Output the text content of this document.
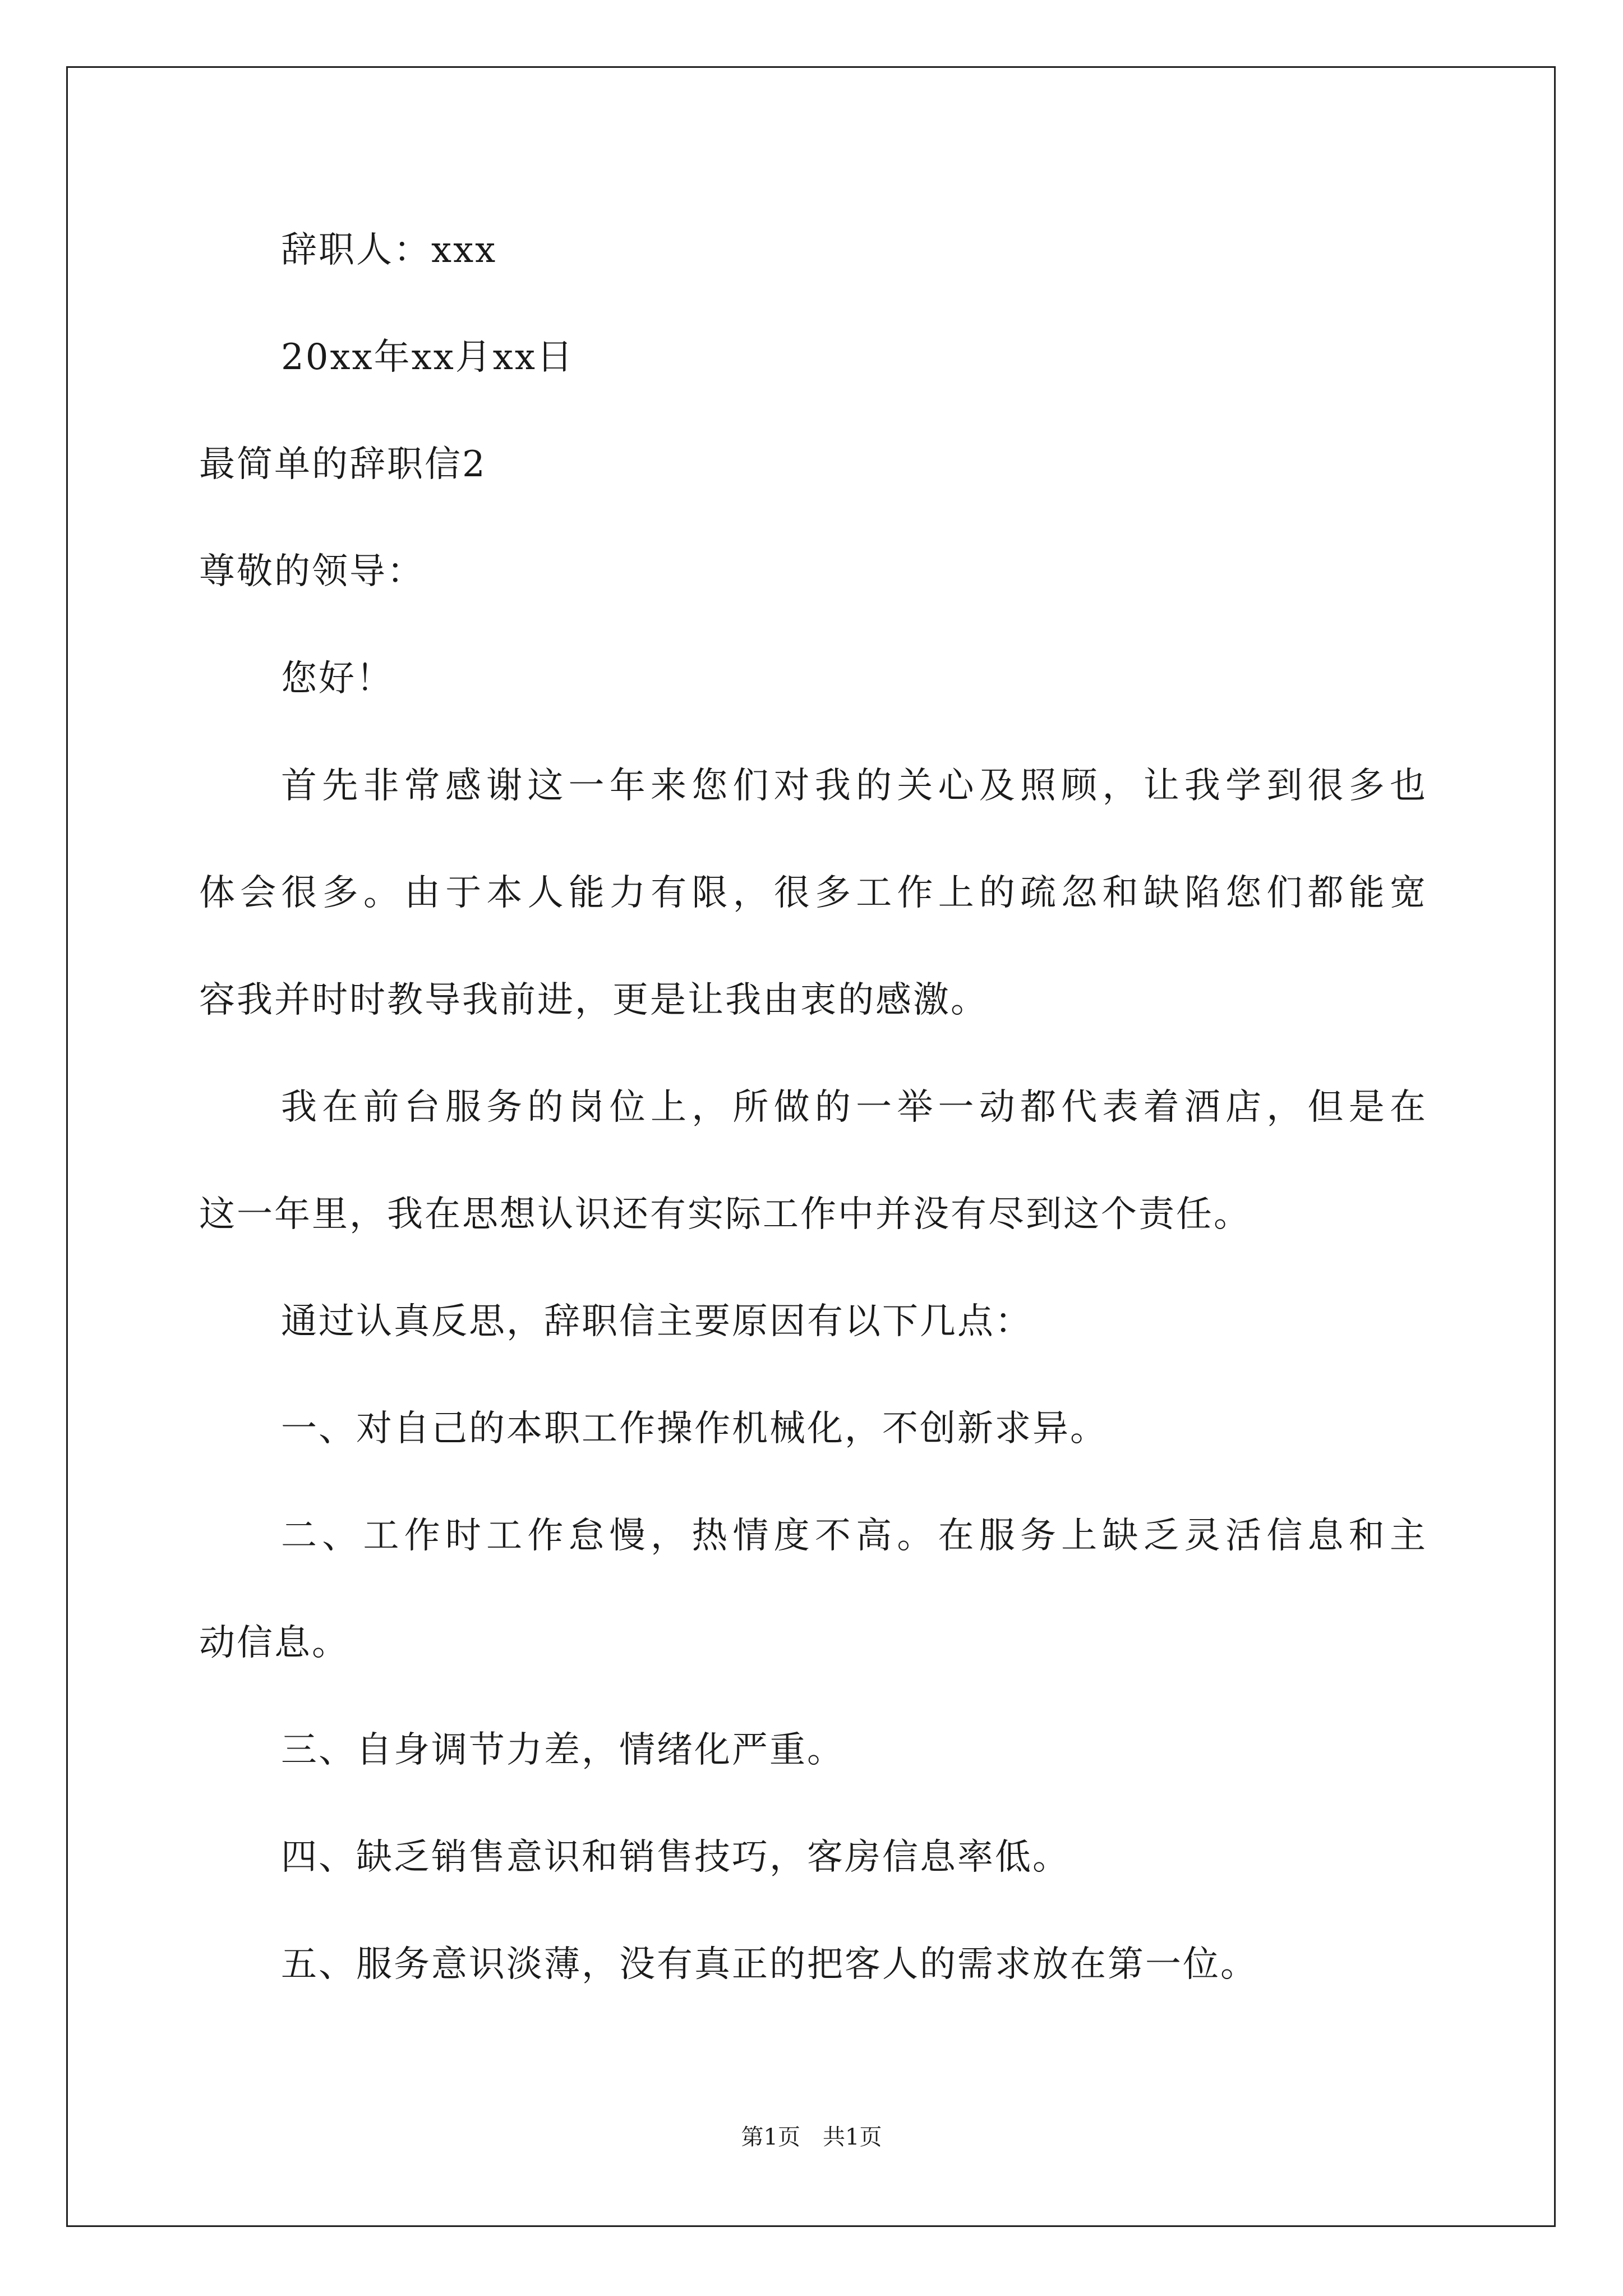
辞职人：xxx
20xx年xx月xx日
最简单的辞职信2
尊敬的领导：
您好！
首先非常感谢这一年来您们对我的关心及照顾，让我学到很多也
体会很多。由于本人能力有限，很多工作上的疏忽和缺陷您们都能宽
容我并时时教导我前进，更是让我由衷的感激。
我在前台服务的岗位上，所做的一举一动都代表着酒店，但是在
这一年里，我在思想认识还有实际工作中并没有尽到这个责任。
通过认真反思，辞职信主要原因有以下几点：
一、对自己的本职工作操作机械化，不创新求异。
二、工作时工作怠慢，热情度不高。在服务上缺乏灵活信息和主
动信息。
三、自身调节力差，情绪化严重。
四、缺乏销售意识和销售技巧，客房信息率低。
五、服务意识淡薄，没有真正的把客人的需求放在第一位。
第1页　共1页
